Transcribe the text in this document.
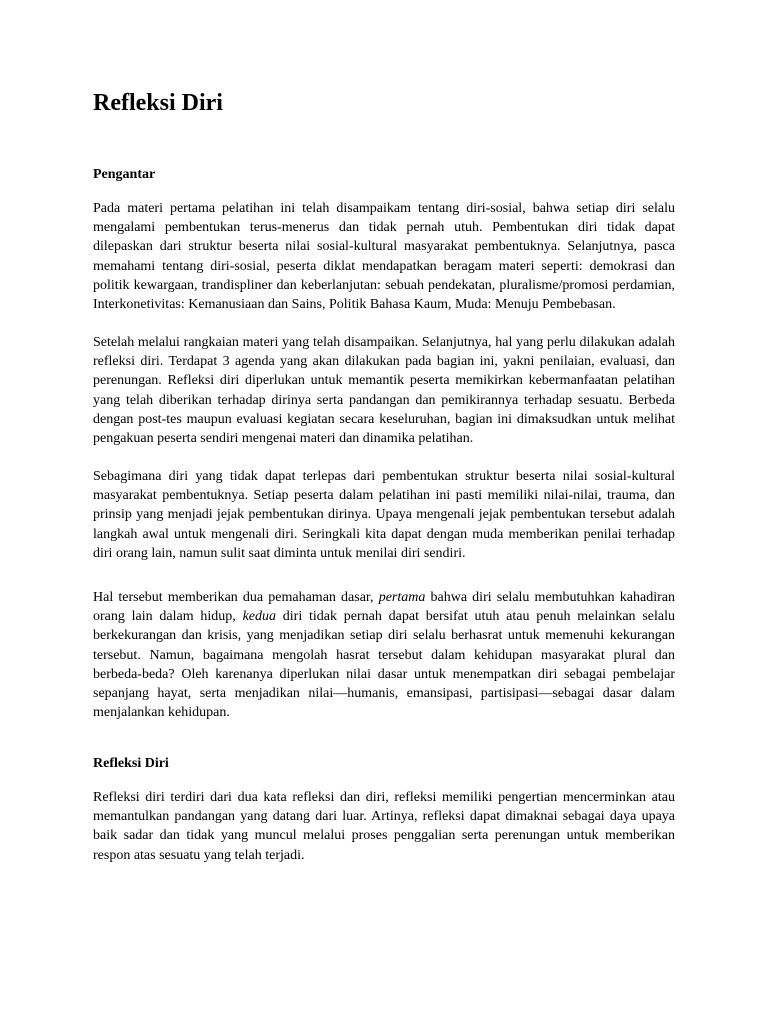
Refleksi Diri
Pengantar

Pada materi pertama pelatihan ini telah disampaikam tentang diri-sosial, bahwa setiap diri selalu mengalami pembentukan terus-menerus dan tidak pernah utuh. Pembentukan diri tidak dapat dilepaskan dari struktur beserta nilai sosial-kultural masyarakat pembentuknya. Selanjutnya, pasca memahami tentang diri-sosial, peserta diklat mendapatkan beragam materi seperti: demokrasi dan politik kewargaan, trandispliner dan keberlanjutan: sebuah pendekatan, pluralisme/promosi perdamian, Interkonetivitas: Kemanusiaan dan Sains, Politik Bahasa Kaum, Muda: Menuju Pembebasan.

Setelah melalui rangkaian materi yang telah disampaikan. Selanjutnya, hal yang perlu dilakukan adalah refleksi diri. Terdapat 3 agenda yang akan dilakukan pada bagian ini, yakni penilaian, evaluasi, dan perenungan. Refleksi diri diperlukan untuk memantik peserta memikirkan kebermanfaatan pelatihan yang telah diberikan terhadap dirinya serta pandangan dan pemikirannya terhadap sesuatu. Berbeda dengan post-tes maupun evaluasi kegiatan secara keseluruhan, bagian ini dimaksudkan untuk melihat pengakuan peserta sendiri mengenai materi dan dinamika pelatihan.

Sebagimana diri yang tidak dapat terlepas dari pembentukan struktur beserta nilai sosial-kultural masyarakat pembentuknya. Setiap peserta dalam pelatihan ini pasti memiliki nilai-nilai, trauma, dan prinsip yang menjadi jejak pembentukan dirinya. Upaya mengenali jejak pembentukan tersebut adalah langkah awal untuk mengenali diri. Seringkali kita dapat dengan muda memberikan penilai terhadap diri orang lain, namun sulit saat diminta untuk menilai diri sendiri.

Hal tersebut memberikan dua pemahaman dasar, pertama bahwa diri selalu membutuhkan kahadiran orang lain dalam hidup, kedua diri tidak pernah dapat bersifat utuh atau penuh melainkan selalu berkekurangan dan krisis, yang menjadikan setiap diri selalu berhasrat untuk memenuhi kekurangan tersebut. Namun, bagaimana mengolah hasrat tersebut dalam kehidupan masyarakat plural dan berbeda-beda? Oleh karenanya diperlukan nilai dasar untuk menempatkan diri sebagai pembelajar sepanjang hayat, serta menjadikan nilai—humanis, emansipasi, partisipasi—sebagai dasar dalam menjalankan kehidupan.

Refleksi Diri

Refleksi diri terdiri dari dua kata refleksi dan diri, refleksi memiliki pengertian mencerminkan atau memantulkan pandangan yang datang dari luar. Artinya, refleksi dapat dimaknai sebagai daya upaya baik sadar dan tidak yang muncul melalui proses penggalian serta perenungan untuk memberikan respon atas sesuatu yang telah terjadi.
